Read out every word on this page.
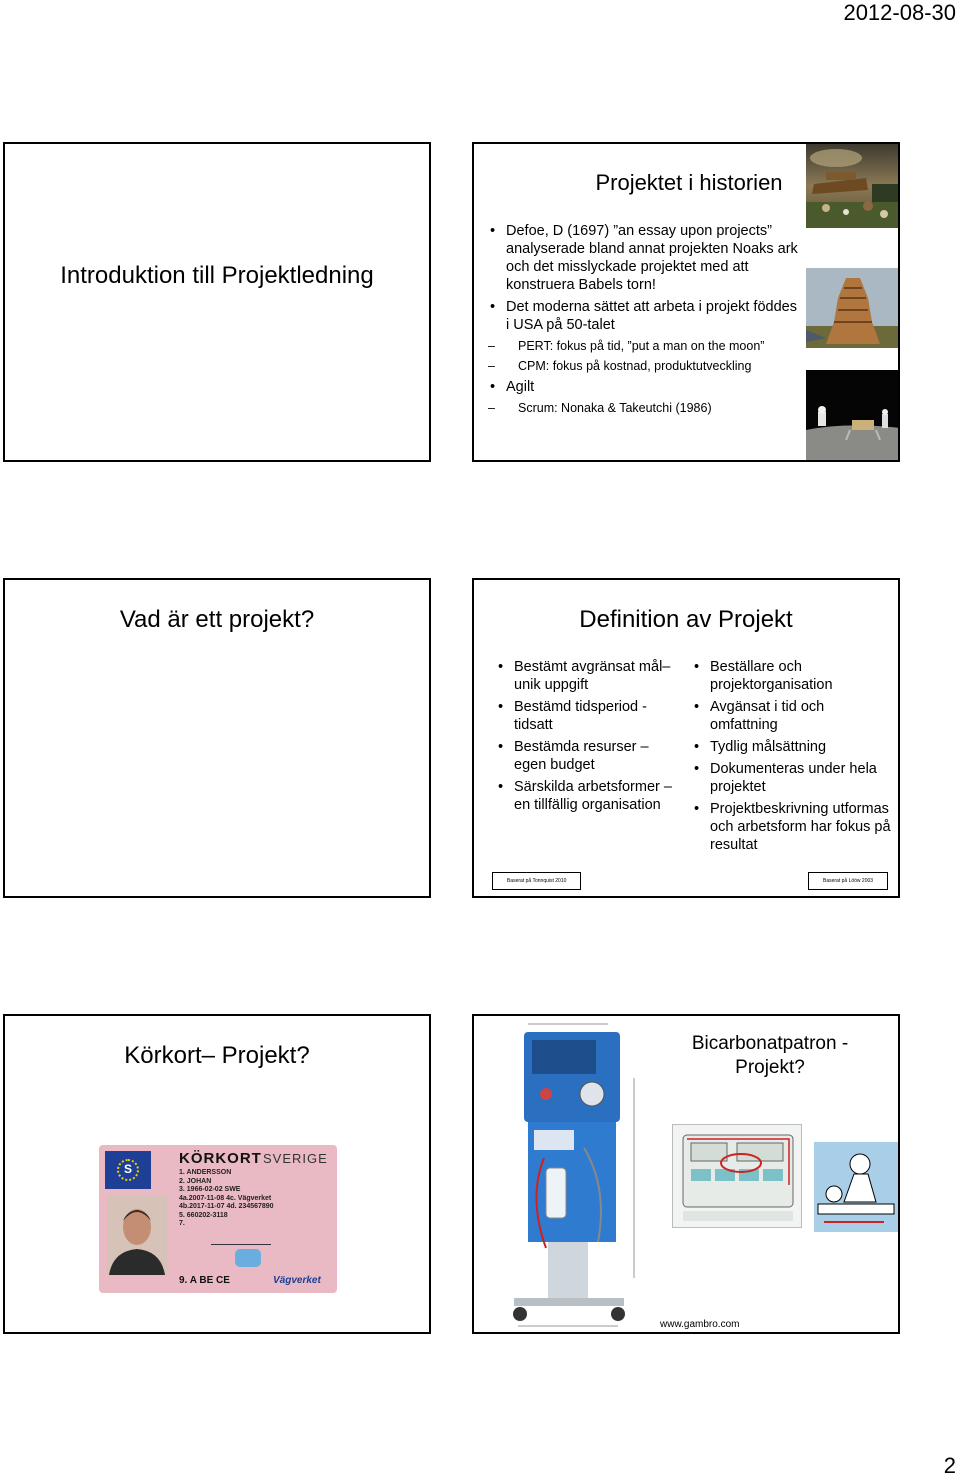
2012-08-30
Introduktion till Projektledning
Projektet i historien
• Defoe, D (1697) ”an essay upon projects” analyserade bland annat projekten Noaks ark och det misslyckade projektet med att konstruera Babels torn!
• Det moderna sättet att arbeta i projekt föddes i USA på 50-talet
– PERT: fokus på tid, ”put a man on the moon”
– CPM: fokus på kostnad, produktutveckling
• Agilt
– Scrum: Nonaka & Takeutchi (1986)
Vad är ett projekt?	Definition av Projekt
• Bestämt avgränsat mål– unik uppgift
• Bestämd tidsperiod - tidsatt
• Bestämda resurser – egen budget
• Särskilda arbetsformer – en tillfällig organisation
• Beställare och projektorganisation
• Avgänsat i tid och omfattning
• Tydlig målsättning
• Dokumenteras under hela projektet
• Projektbeskrivning utformas och arbetsform har fokus på resultat
Baserat på Tonnquist 2010	Baserat på Lööw 2003
Körkort– Projekt?
S
KÖRKORT SVERIGE
1. ANDERSSON
2. JOHAN
3. 1966-02-02 SWE
4a.2007-11-08 4c. Vägverket
4b.2017-11-07 4d. 234567890
5. 660202-3118
7.
9. A BE CE	Vägverket
Bicarbonatpatron - Projekt?
www.gambro.com
2
